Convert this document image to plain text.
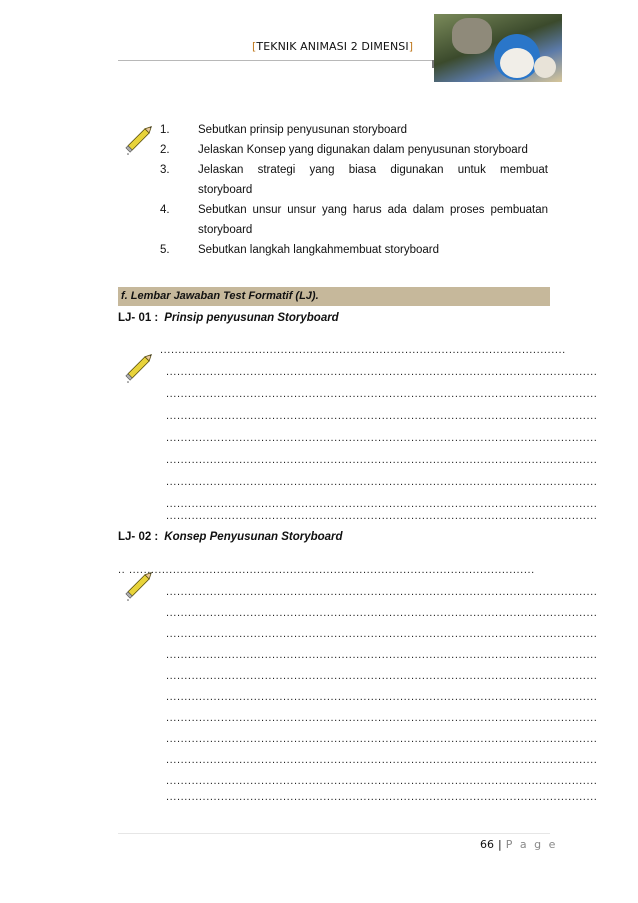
[TEKNIK ANIMASI 2 DIMENSI]
1.	Sebutkan prinsip penyusunan storyboard
2.	Jelaskan Konsep yang digunakan dalam penyusunan storyboard
3.	Jelaskan strategi yang biasa digunakan untuk membuat
storyboard
4.	Sebutkan unsur unsur yang harus ada dalam proses pembuatan
storyboard
5.	Sebutkan langkah langkahmembuat storyboard
f. Lembar Jawaban Test Formatif (LJ).
LJ- 01 : Prinsip penyusunan Storyboard
...............................................................................................................
......................................................................................................................
......................................................................................................................
......................................................................................................................
......................................................................................................................
......................................................................................................................
......................................................................................................................
......................................................................................................................
......................................................................................................................
LJ- 02 : Konsep Penyusunan Storyboard
.. ...............................................................................................................
......................................................................................................................
......................................................................................................................
......................................................................................................................
......................................................................................................................
......................................................................................................................
......................................................................................................................
......................................................................................................................
......................................................................................................................
......................................................................................................................
......................................................................................................................
......................................................................................................................
66 | P a g e
